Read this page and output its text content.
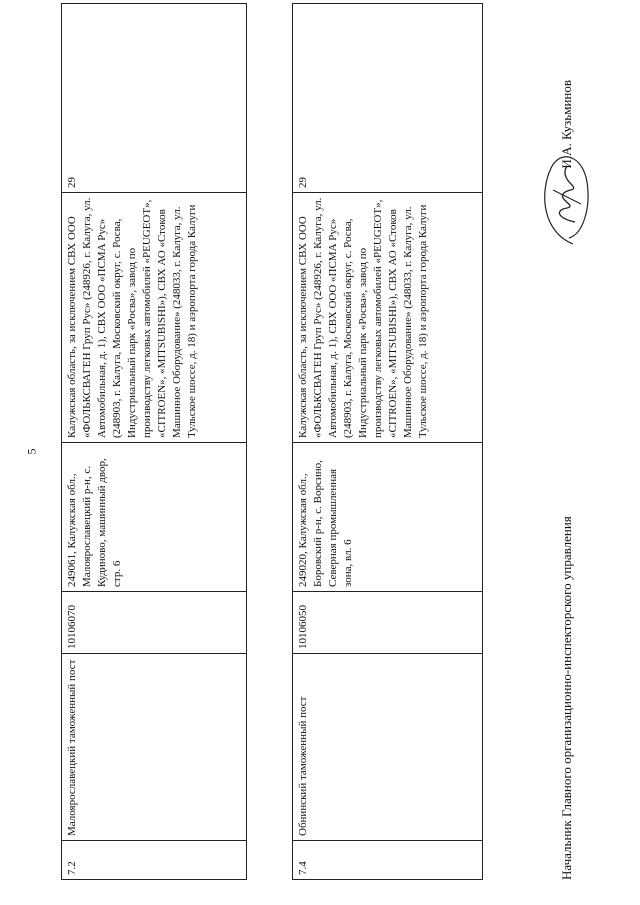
5
7.2	Малоярославецкий таможенный пост	10106070	249061, Калужская обл., Малоярославецкий р-н, с. Кудиново, машинный двор, стр. 6	Калужская область, за исключением СВХ ООО «ФОЛЬКСВАГЕН Груп Рус» (248926, г. Калуга, ул. Автомобильная, д. 1), СВХ ООО «ПСМА Рус» (248903, г. Калуга, Московский округ, с. Росва, Индустриальный парк «Росва», завод по производству легковых автомобилей «PEUGEOT», «CITROEN», «MITSUBISHI»), СВХ АО «Стоков Машинное Оборудование» (248033, г. Калуга, ул. Тульское шоссе, д. 18) и аэропорта города Калуги	29
7.4	Обнинский таможенный пост	10106050	249020, Калужская обл., Боровский р-н, с. Ворсино, Северная промышленная зона, вл. 6	Калужская область, за исключением СВХ ООО «ФОЛЬКСВАГЕН Груп Рус» (248926, г. Калуга, ул. Автомобильная, д. 1), СВХ ООО «ПСМА Рус» (248903, г. Калуга, Московский округ, с. Росва, Индустриальный парк «Росва», завод по производству легковых автомобилей «PEUGEOT», «CITROEN», «MITSUBISHI»), СВХ АО «Стоков Машинное Оборудование» (248033, г. Калуга, ул. Тульское шоссе, д. 18) и аэропорта города Калуги	29
Начальник Главного организационно-инспекторского управления
И.А. Кузьминов
